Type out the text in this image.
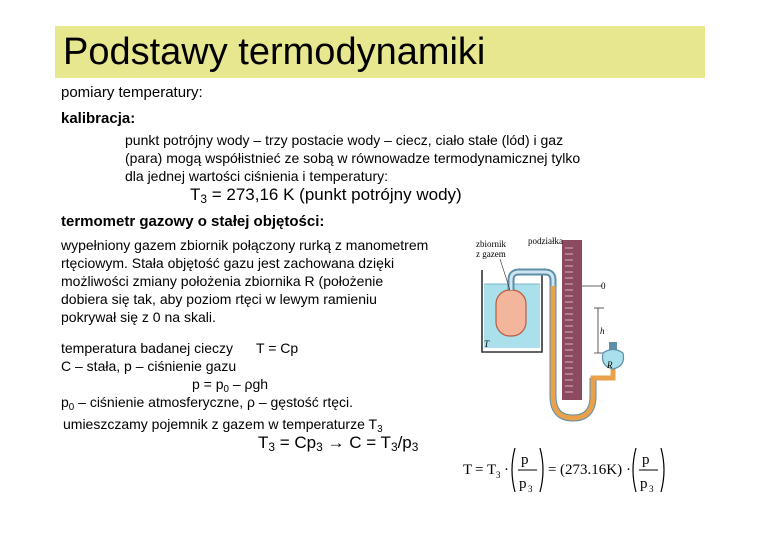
Podstawy termodynamiki
pomiary temperatury:
kalibracja:
punkt potrójny wody – trzy postacie wody – ciecz, ciało stałe (lód) i gaz
(para) mogą współistnieć ze sobą w równowadze termodynamicznej tylko
dla jednej wartości ciśnienia i temperatury:
$T_3 = 273,16$ K (punkt potrójny wody)
termometr gazowy o stałej objętości:
wypełniony gazem zbiornik połączony rurką z manometrem
rtęciowym. Stała objętość gazu jest zachowana dzięki
możliwości zmiany położenia zbiornika R (położenie
dobiera się tak, aby poziom rtęci w lewym ramieniu
pokrywał się z 0 na skali.
temperatura badanej cieczy T = Cp
C – stała, p – ciśnienie gazu
$p = p_0 - \rho gh$
$p_0$ – ciśnienie atmosferyczne, ρ – gęstość rtęci.
umieszczamy pojemnik z gazem w temperaturze $T_3$
$T_3 = Cp_3 \to C = T_3/p_3$
zbiornik
z gazem
podziałka
0
h
T
R
T = T 3 ·
p
p 3
= (273.16K) ·
p
p 3
